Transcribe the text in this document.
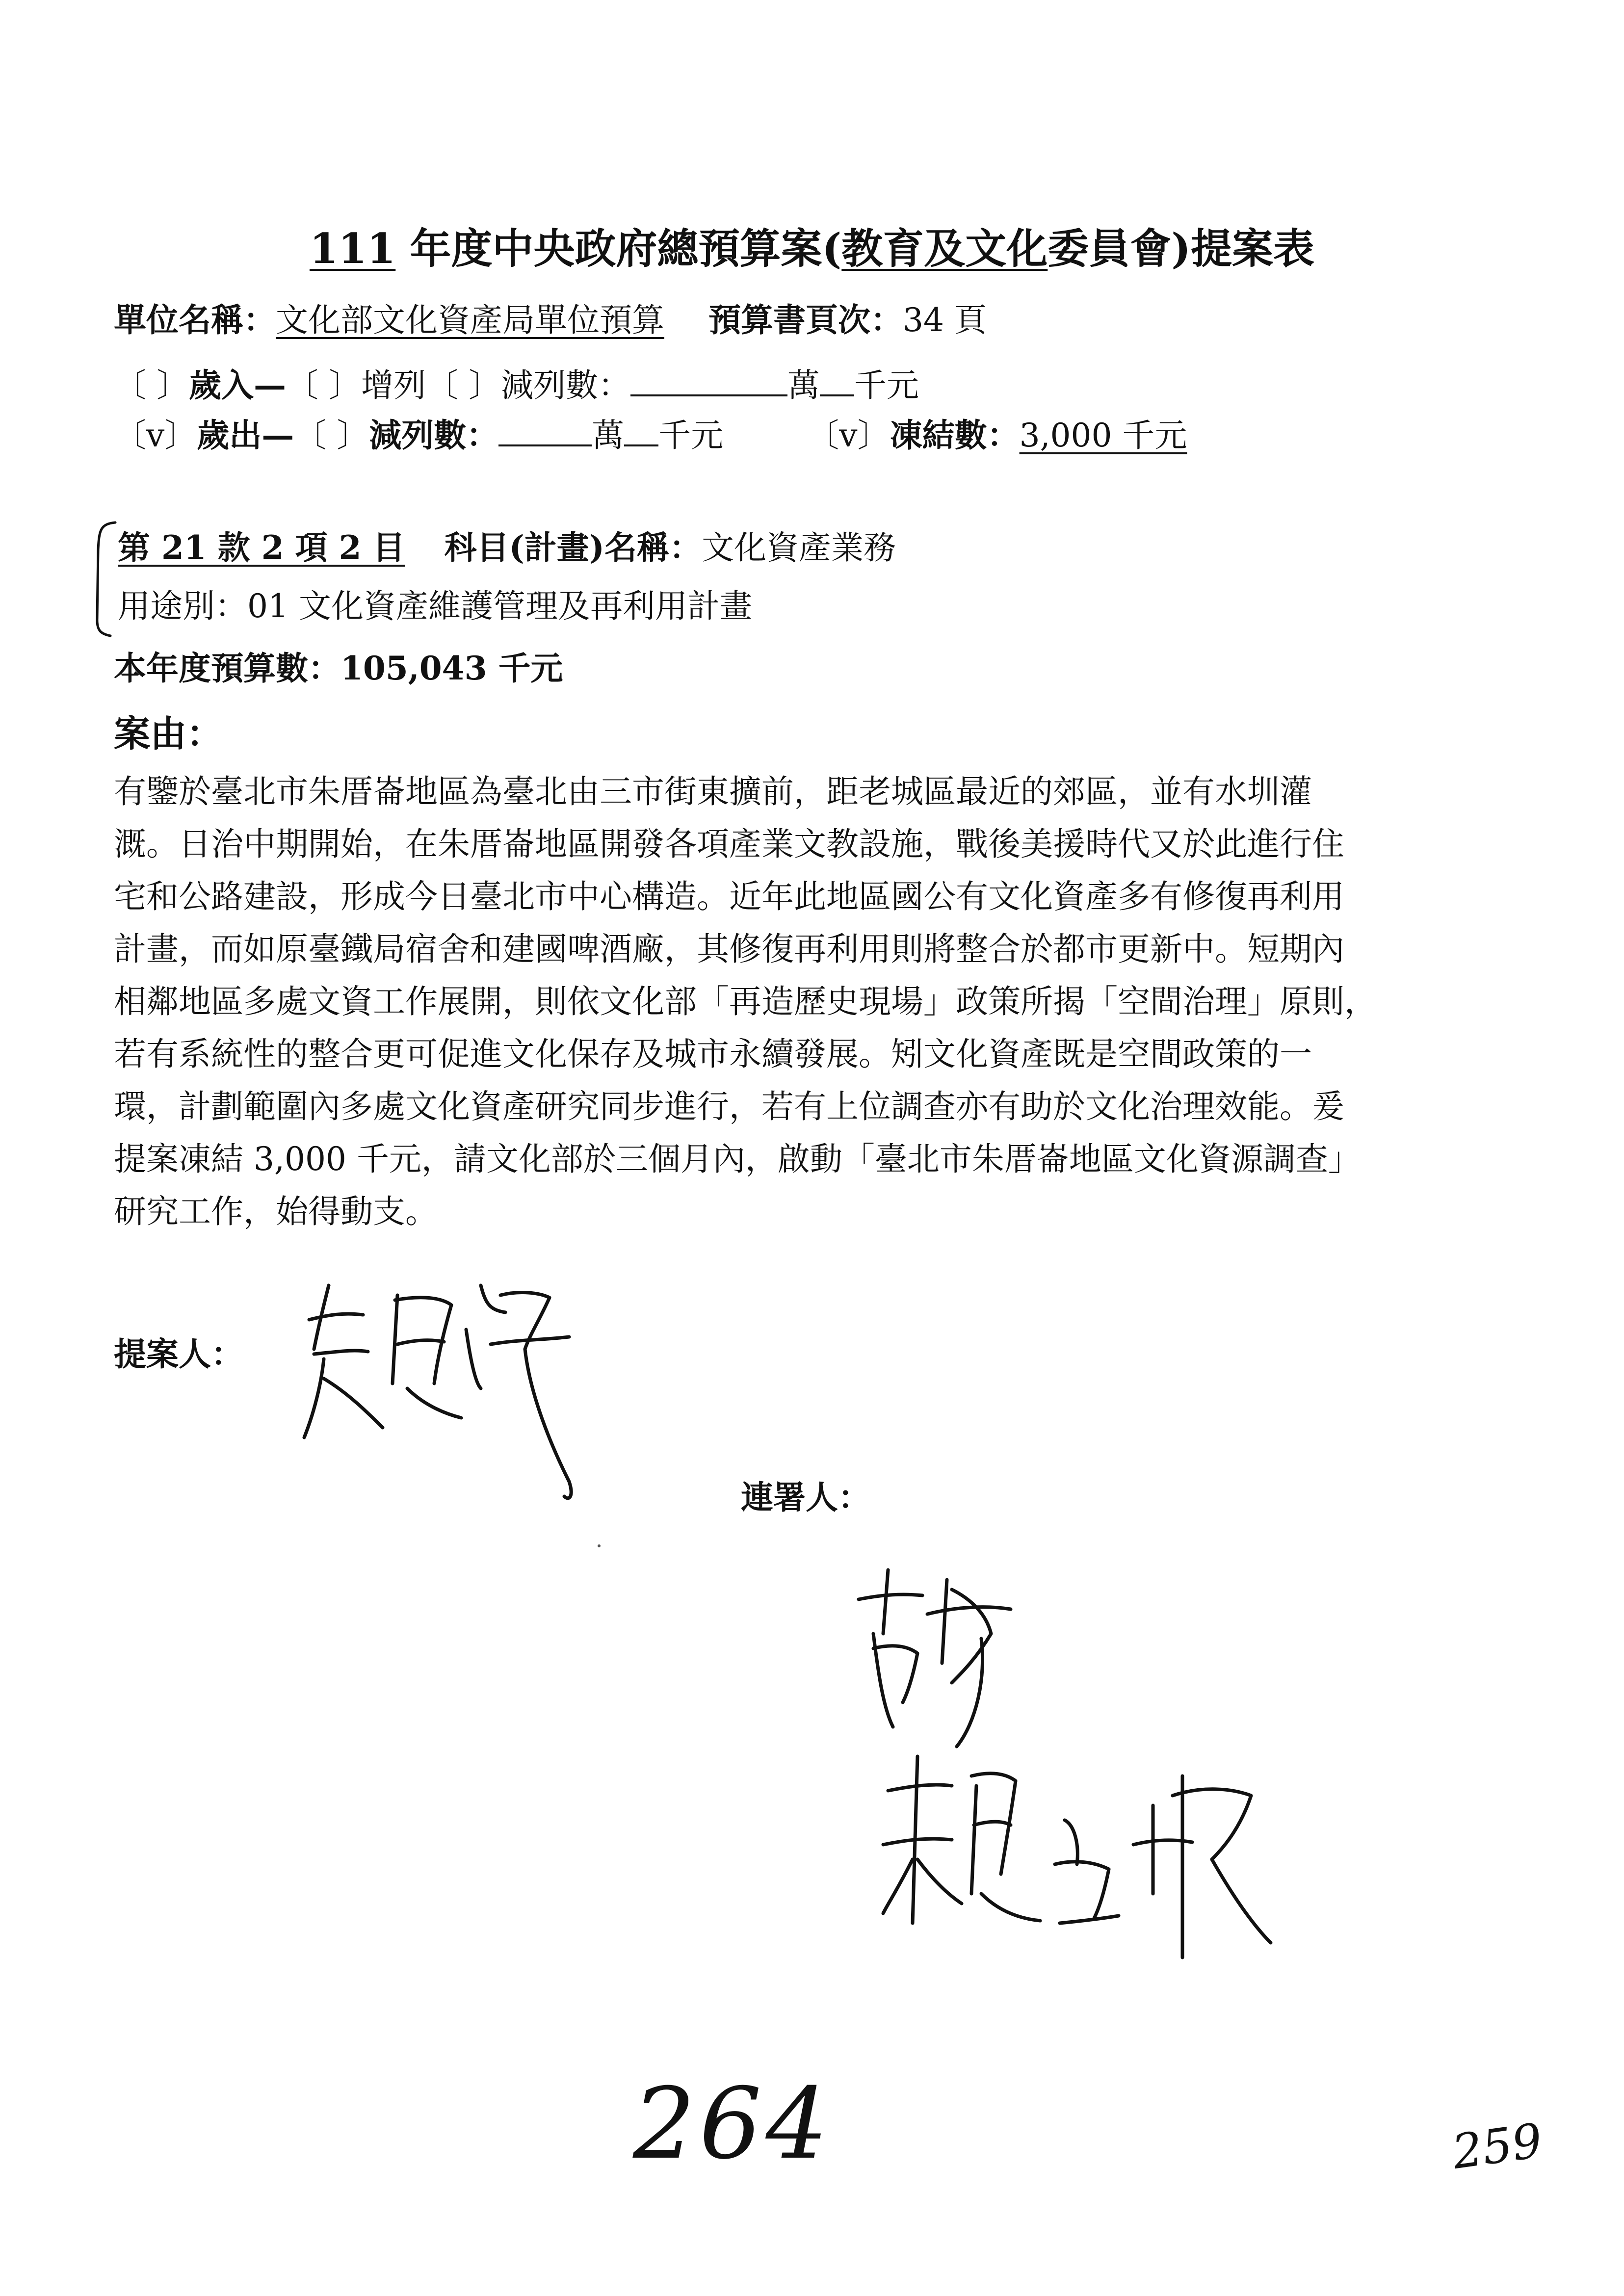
111 年度中央政府總預算案(教育及文化委員會)提案表
單位名稱：文化部文化資產局單位預算 預算書頁次：34 頁
〔 〕歲入—〔 〕增列〔 〕減列數：	萬 千元
〔v〕歲出—〔 〕減列數：	萬 千元	〔v〕凍結數：3,000 千元
第 21 款 2 項 2 目 科目(計畫)名稱：文化資產業務
用途別：01 文化資產維護管理及再利用計畫
本年度預算數：105,043 千元
案由：
有鑒於臺北市朱厝崙地區為臺北由三市街東擴前，距老城區最近的郊區，並有水圳灌
溉。日治中期開始，在朱厝崙地區開發各項產業文教設施，戰後美援時代又於此進行住
宅和公路建設，形成今日臺北市中心構造。近年此地區國公有文化資產多有修復再利用
計畫，而如原臺鐵局宿舍和建國啤酒廠，其修復再利用則將整合於都市更新中。短期內
相鄰地區多處文資工作展開，則依文化部「再造歷史現場」政策所揭「空間治理」原則，
若有系統性的整合更可促進文化保存及城市永續發展。矧文化資產既是空間政策的一
環，計劃範圍內多處文化資產研究同步進行，若有上位調查亦有助於文化治理效能。爰
提案凍結 3,000 千元，請文化部於三個月內，啟動「臺北市朱厝崙地區文化資源調查」
研究工作，始得動支。
提案人：
連署人：
264	259
